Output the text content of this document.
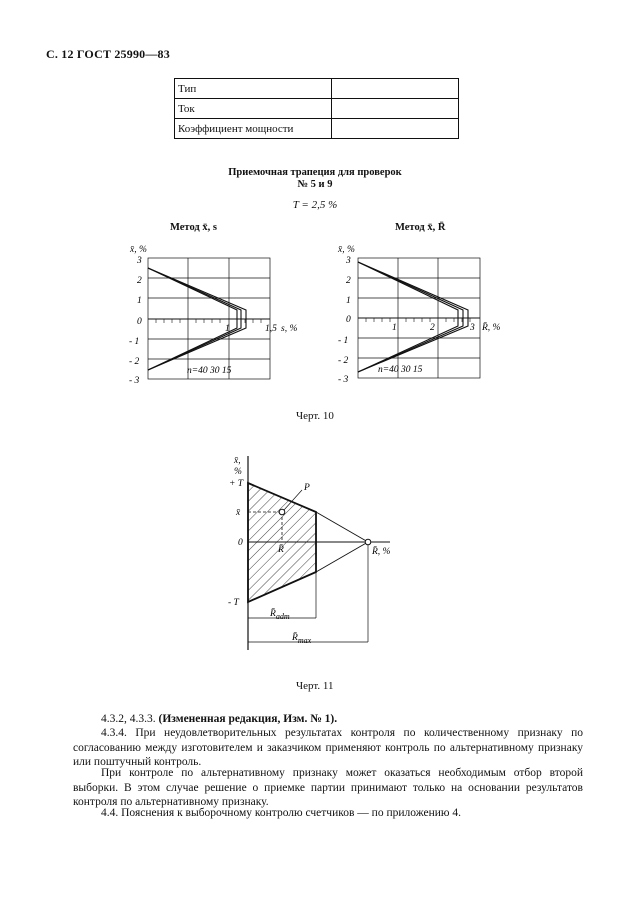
С. 12 ГОСТ 25990—83
Тип	
Ток	
Коэффициент мощности	
Приемочная трапеция для проверок
№ 5 и 9
T = 2,5 %
Метод x̄, s	Метод x̄, R̄
x̄, %
3
2
1
0
- 1
- 2
- 3
1	1,5 s, %
n=40 30 15
x̄, %
3
2
1
0
- 1
- 2
- 3
1	2	3 R̄, %
n=40 30 15
Черт. 10
x̄,
%
+ T
x̄
0
- T
P
R̄	R̄, %
$R̄_{adm}$
$R̄_{max}$
Черт. 11
4.3.2, 4.3.3. (Измененная редакция, Изм. № 1).
4.3.4. При неудовлетворительных результатах контроля по количественному признаку по согласованию между изготовителем и заказчиком применяют контроль по альтернативному признаку или поштучный контроль.
При контроле по альтернативному признаку может оказаться необходимым отбор второй выборки. В этом случае решение о приемке партии принимают только на основании результатов контроля по альтернативному признаку.
4.4. Пояснения к выборочному контролю счетчиков — по приложению 4.
